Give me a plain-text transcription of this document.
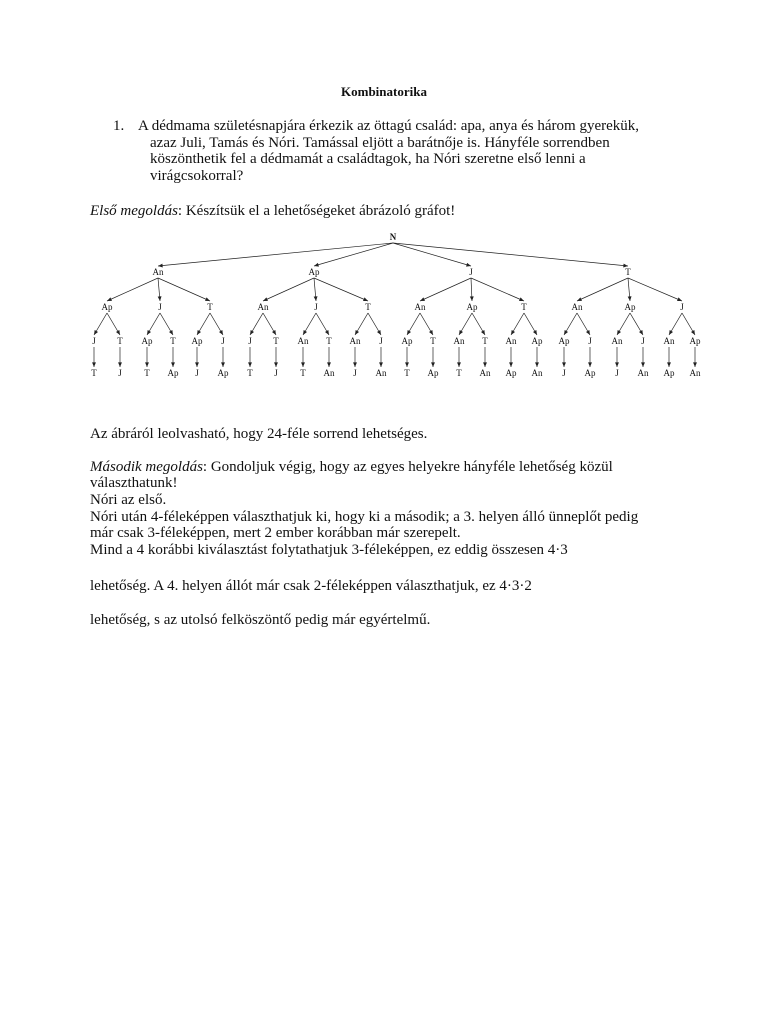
Kombinatorika
1. A dédmama születésnapjára érkezik az öttagú család: apa, anya és három gyerekük,
azaz Juli, Tamás és Nóri. Tamással eljött a barátnője is. Hányféle sorrendben
köszönthetik fel a dédmamát a családtagok, ha Nóri szeretne első lenni a
virágcsokorral?
Első megoldás: Készítsük el a lehetőségeket ábrázoló gráfot!
N
An	Ap	J	T
Ap	J	T	An	J	T	An	Ap	T	An	Ap	J
J T Ap T Ap J	J T An T An J Ap T An T An Ap Ap J An J An Ap
T J T Ap J Ap T J T An J An T Ap T An Ap An J Ap J An Ap An
Az ábráról leolvasható, hogy 24-féle sorrend lehetséges.
Második megoldás: Gondoljuk végig, hogy az egyes helyekre hányféle lehetőség közül
választhatunk!
Nóri az első.
Nóri után 4-féleképpen választhatjuk ki, hogy ki a második; a 3. helyen álló ünneplőt pedig
már csak 3-féleképpen, mert 2 ember korábban már szerepelt.
Mind a 4 korábbi kiválasztást folytathatjuk 3-féleképpen, ez eddig összesen 4·3
lehetőség. A 4. helyen állót már csak 2-féleképpen választhatjuk, ez 4·3·2
lehetőség, s az utolsó felköszöntő pedig már egyértelmű.
